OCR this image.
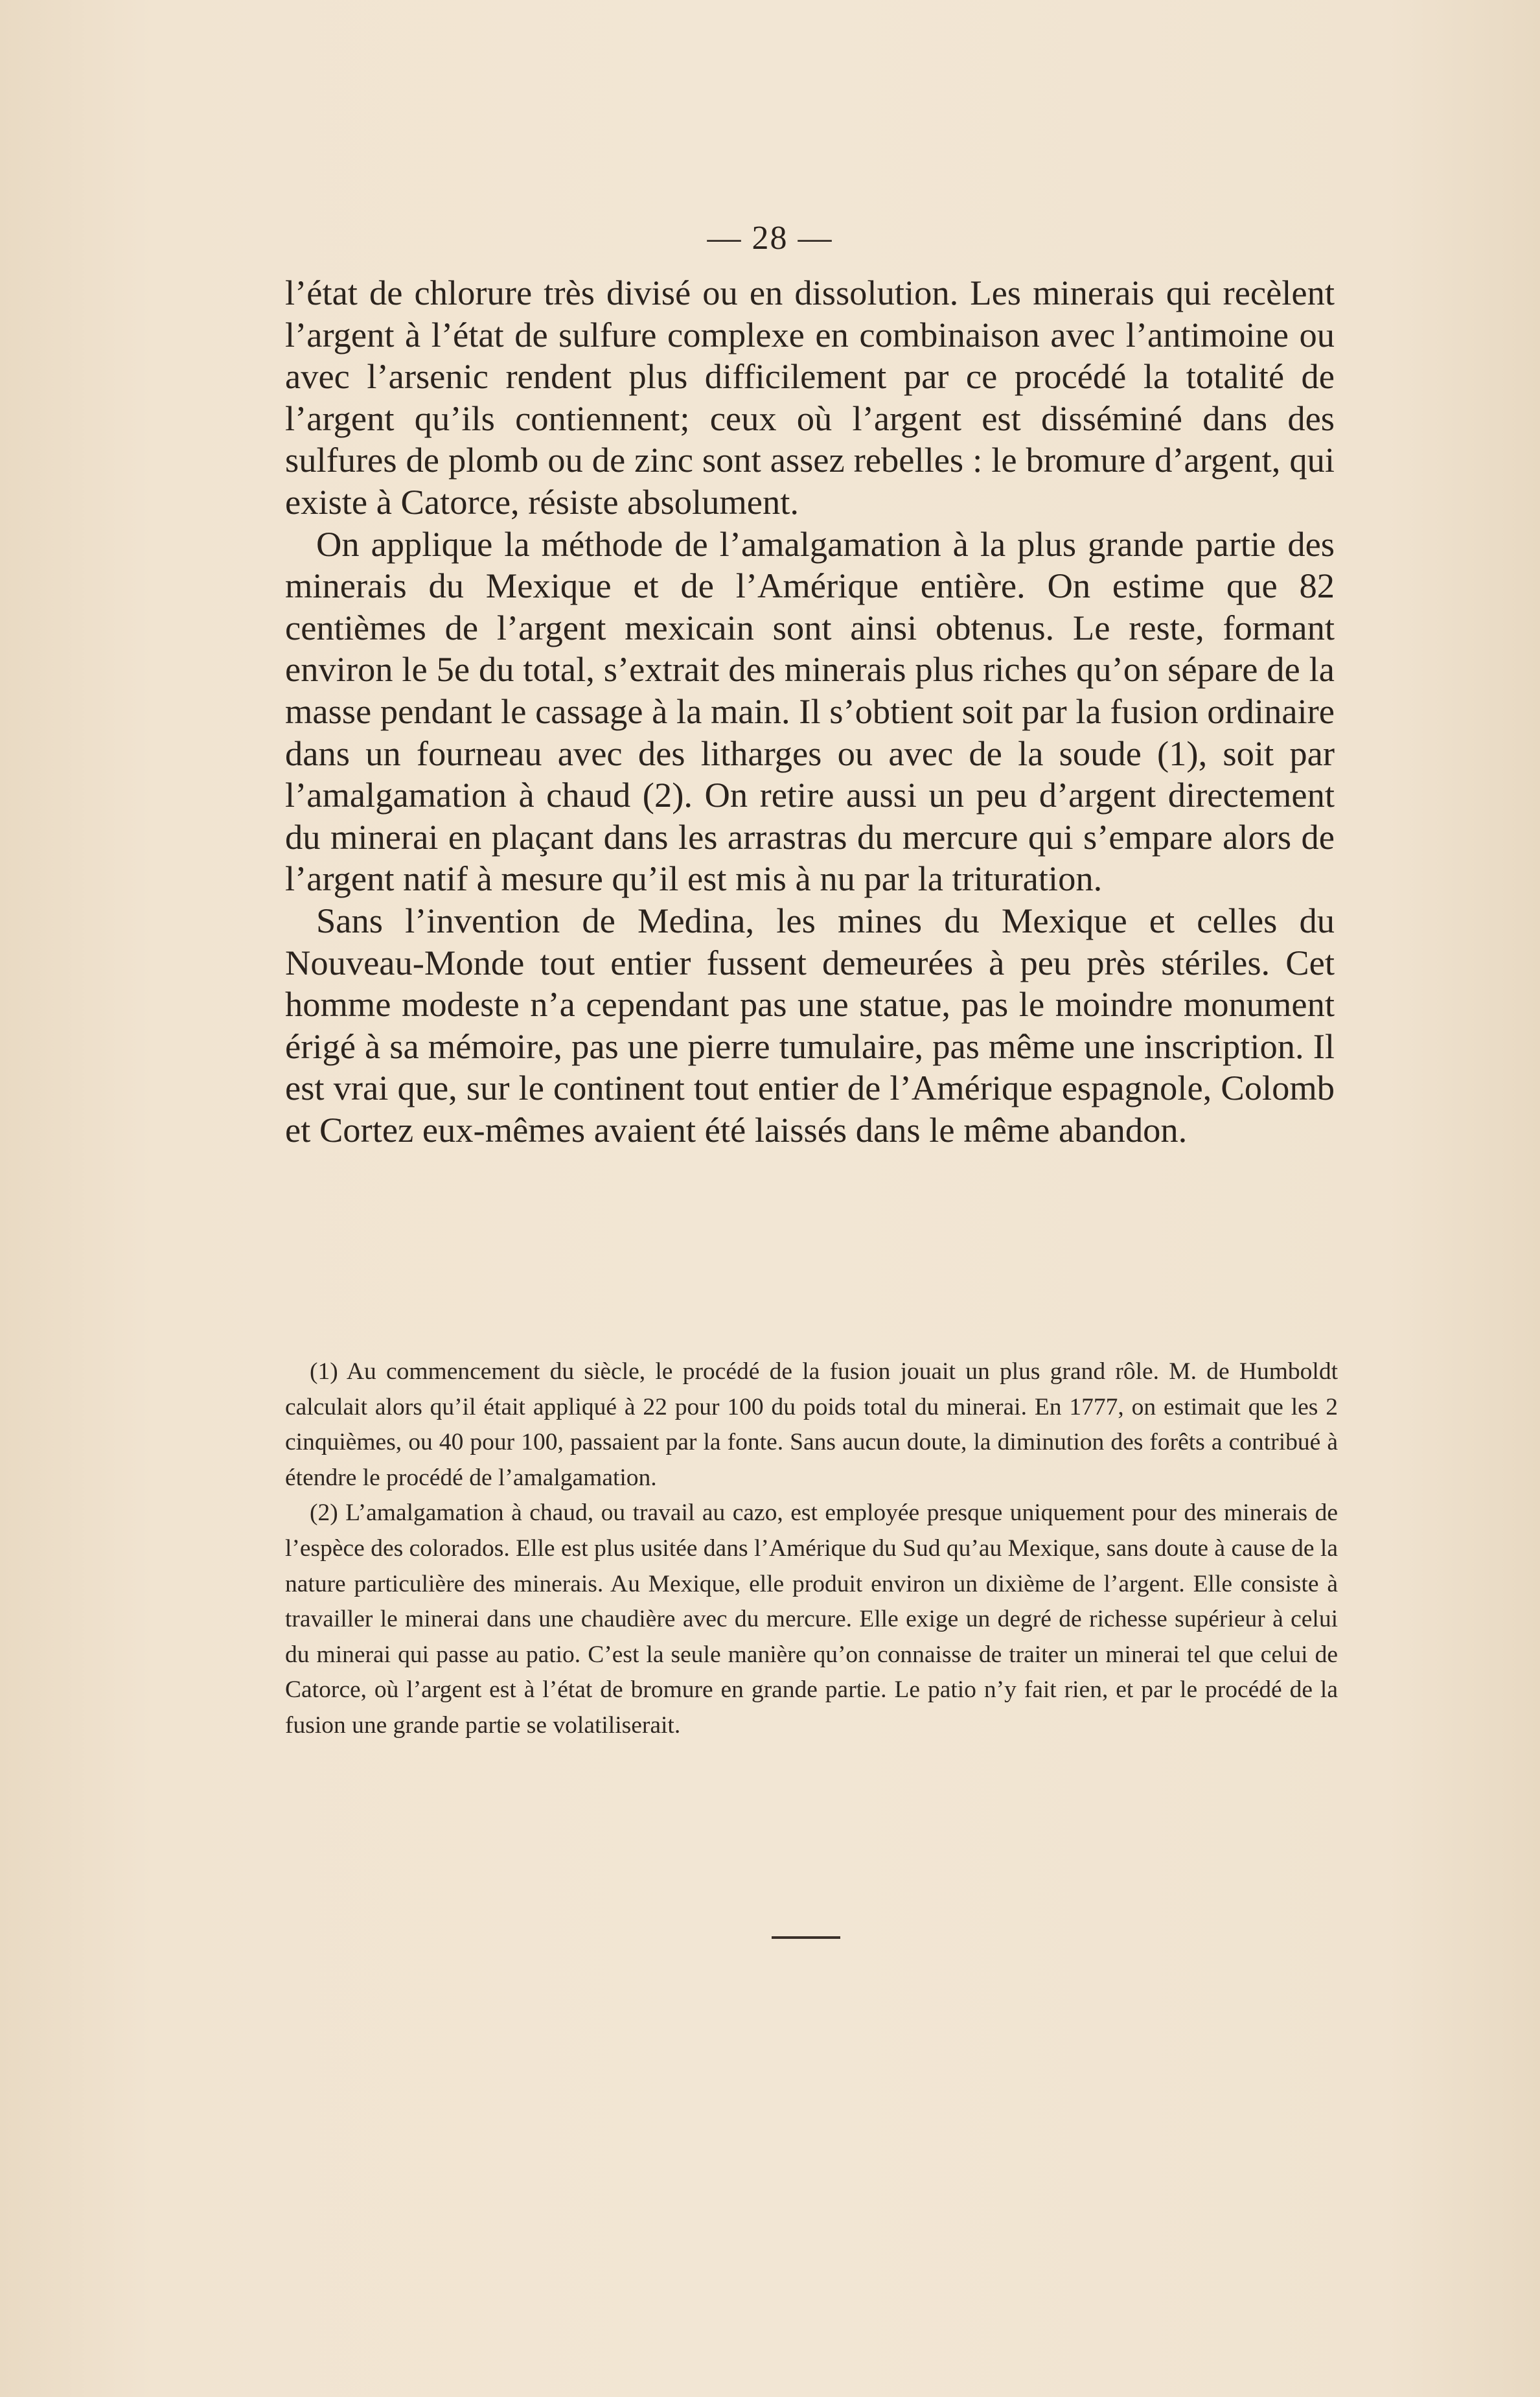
— 28 —

l’état de chlorure très divisé ou en dissolution. Les minerais qui recèlent l’argent à l’état de sulfure complexe en combinaison avec l’antimoine ou avec l’arsenic rendent plus difficilement par ce procédé la totalité de l’argent qu’ils contiennent; ceux où l’argent est disséminé dans des sulfures de plomb ou de zinc sont assez rebelles : le bromure d’argent, qui existe à Catorce, résiste absolument.

On applique la méthode de l’amalgamation à la plus grande partie des minerais du Mexique et de l’Amérique entière. On estime que 82 centièmes de l’argent mexicain sont ainsi obtenus. Le reste, formant environ le 5e du total, s’extrait des minerais plus riches qu’on sépare de la masse pendant le cassage à la main. Il s’obtient soit par la fusion ordinaire dans un fourneau avec des litharges ou avec de la soude (1), soit par l’amalgamation à chaud (2). On retire aussi un peu d’argent directement du minerai en plaçant dans les arrastras du mercure qui s’empare alors de l’argent natif à mesure qu’il est mis à nu par la trituration.

Sans l’invention de Medina, les mines du Mexique et celles du Nouveau-Monde tout entier fussent demeurées à peu près stériles. Cet homme modeste n’a cependant pas une statue, pas le moindre monument érigé à sa mémoire, pas une pierre tumulaire, pas même une inscription. Il est vrai que, sur le continent tout entier de l’Amérique espagnole, Colomb et Cortez eux-mêmes avaient été laissés dans le même abandon.

(1) Au commencement du siècle, le procédé de la fusion jouait un plus grand rôle. M. de Humboldt calculait alors qu’il était appliqué à 22 pour 100 du poids total du minerai. En 1777, on estimait que les 2 cinquièmes, ou 40 pour 100, passaient par la fonte. Sans aucun doute, la diminution des forêts a contribué à étendre le procédé de l’amalgamation.

(2) L’amalgamation à chaud, ou travail au cazo, est employée presque uniquement pour des minerais de l’espèce des colorados. Elle est plus usitée dans l’Amérique du Sud qu’au Mexique, sans doute à cause de la nature particulière des minerais. Au Mexique, elle produit environ un dixième de l’argent. Elle consiste à travailler le minerai dans une chaudière avec du mercure. Elle exige un degré de richesse supérieur à celui du minerai qui passe au patio. C’est la seule manière qu’on connaisse de traiter un minerai tel que celui de Catorce, où l’argent est à l’état de bromure en grande partie. Le patio n’y fait rien, et par le procédé de la fusion une grande partie se volatiliserait.
